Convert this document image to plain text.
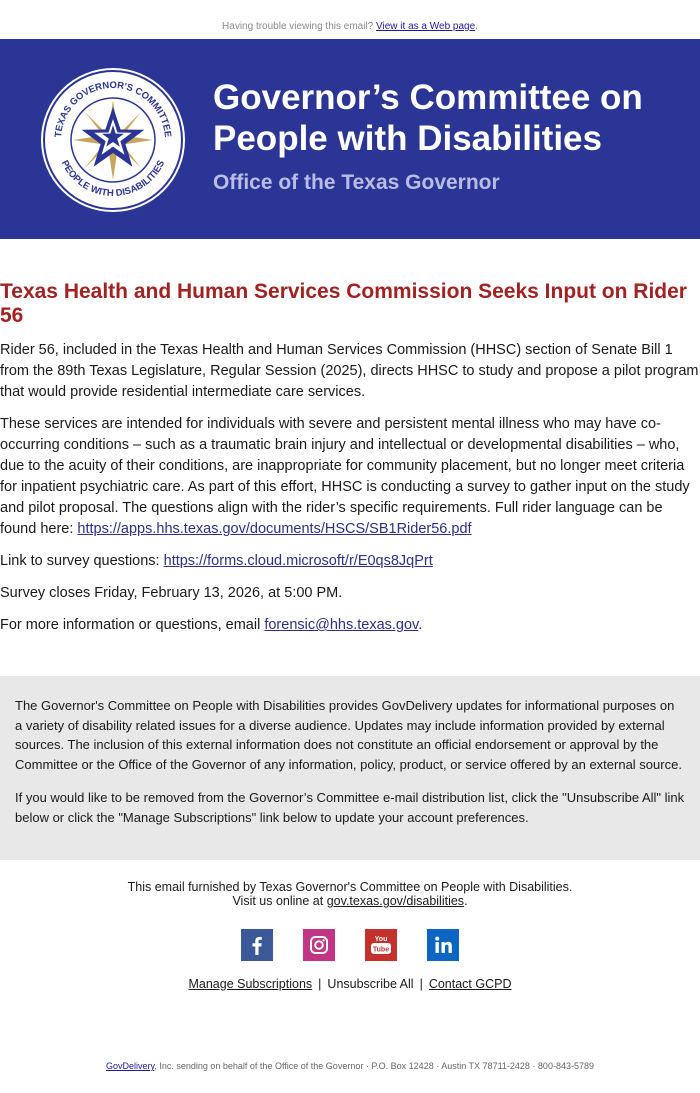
Having trouble viewing this email? View it as a Web page.
TEXAS GOVERNOR'S COMMITTEE
PEOPLE WITH DISABILITIES
Governor’s Committee on
People with Disabilities
Office of the Texas Governor
Texas Health and Human Services Commission Seeks Input on Rider 56

Rider 56, included in the Texas Health and Human Services Commission (HHSC) section of Senate Bill 1 from the 89th Texas Legislature, Regular Session (2025), directs HHSC to study and propose a pilot program that would provide residential intermediate care services.

These services are intended for individuals with severe and persistent mental illness who may have co-occurring conditions – such as a traumatic brain injury and intellectual or developmental disabilities – who, due to the acuity of their conditions, are inappropriate for community placement, but no longer meet criteria for inpatient psychiatric care. As part of this effort, HHSC is conducting a survey to gather input on the study and pilot proposal. The questions align with the rider’s specific requirements. Full rider language can be found here: https://apps.hhs.texas.gov/documents/HSCS/SB1Rider56.pdf

Link to survey questions: https://forms.cloud.microsoft/r/E0qs8JqPrt

Survey closes Friday, February 13, 2026, at 5:00 PM.

For more information or questions, email forensic@hhs.texas.gov.

The Governor's Committee on People with Disabilities provides GovDelivery updates for informational purposes on a variety of disability related issues for a diverse audience. Updates may include information provided by external sources. The inclusion of this external information does not constitute an official endorsement or approval by the Committee or the Office of the Governor of any information, policy, product, or service offered by an external source.

If you would like to be removed from the Governor’s Committee e-mail distribution list, click the "Unsubscribe All" link below or click the "Manage Subscriptions" link below to update your account preferences.

This email furnished by Texas Governor's Committee on People with Disabilities.
Visit us online at gov.texas.gov/disabilities.
You
Tube
Manage Subscriptions | Unsubscribe All | Contact GCPD
GovDelivery, Inc. sending on behalf of the Office of the Governor · P.O. Box 12428 · Austin TX 78711-2428 · 800-843-5789
